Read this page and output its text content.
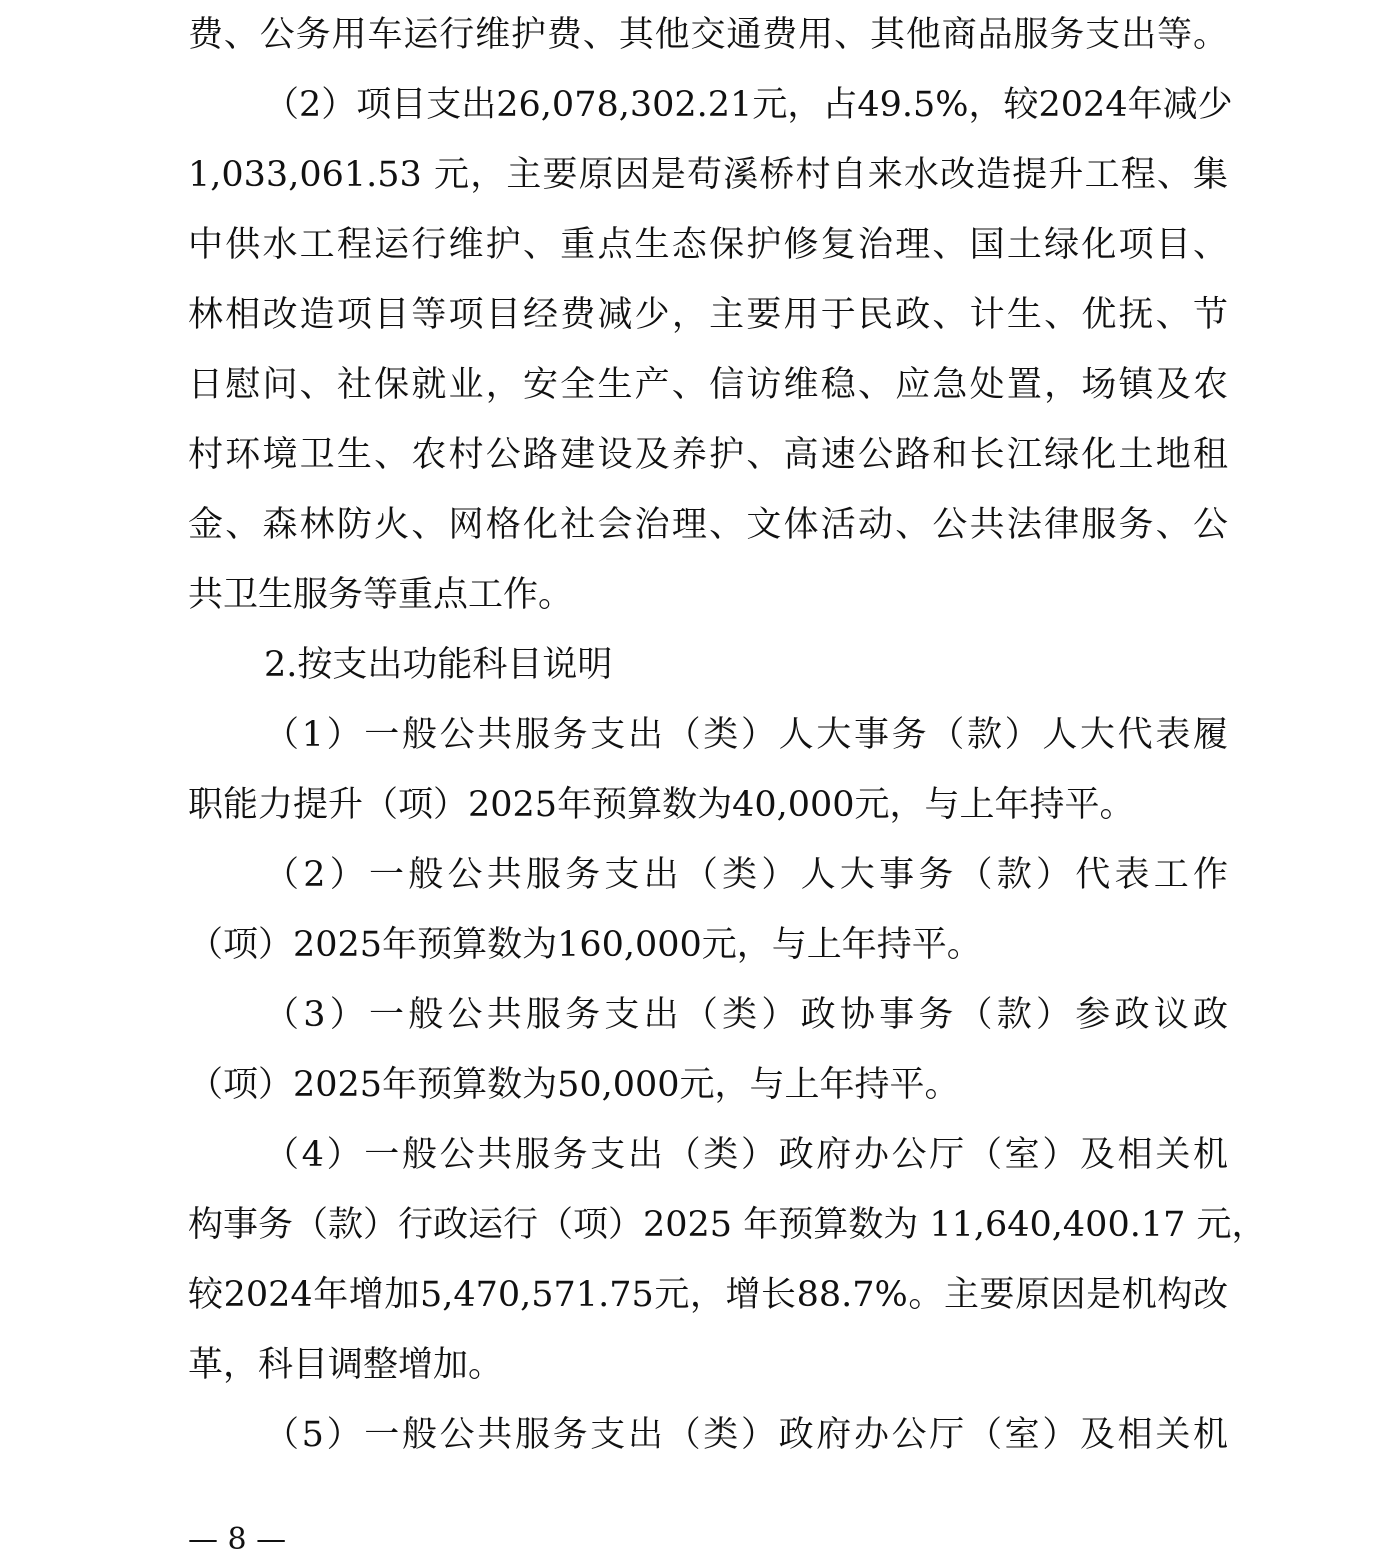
费、公务用车运行维护费、其他交通费用、其他商品服务支出等。
（2）项目支出26,078,302.21元，占49.5%，较2024年减少
1,033,061.53 元，主要原因是苟溪桥村自来水改造提升工程、集
中供水工程运行维护、重点生态保护修复治理、国土绿化项目、
林相改造项目等项目经费减少，主要用于民政、计生、优抚、节
日慰问、社保就业，安全生产、信访维稳、应急处置，场镇及农
村环境卫生、农村公路建设及养护、高速公路和长江绿化土地租
金、森林防火、网格化社会治理、文体活动、公共法律服务、公
共卫生服务等重点工作。
2.按支出功能科目说明
（1）一般公共服务支出（类）人大事务（款）人大代表履
职能力提升（项）2025年预算数为40,000元，与上年持平。
（2）一般公共服务支出（类）人大事务（款）代表工作
（项）2025年预算数为160,000元，与上年持平。
（3）一般公共服务支出（类）政协事务（款）参政议政
（项）2025年预算数为50,000元，与上年持平。
（4）一般公共服务支出（类）政府办公厅（室）及相关机
构事务（款）行政运行（项）2025 年预算数为 11,640,400.17 元，
较2024年增加5,470,571.75元，增长88.7%。主要原因是机构改
革，科目调整增加。
（5）一般公共服务支出（类）政府办公厅（室）及相关机
— 8 —
